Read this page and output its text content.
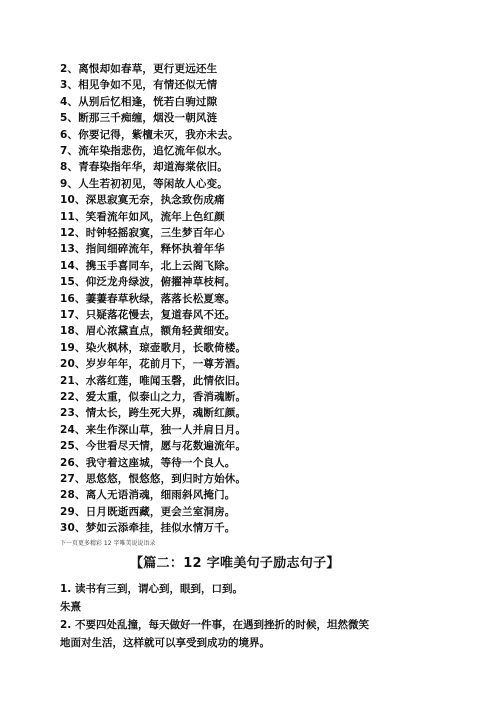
2、离恨却如春草，更行更远还生
3、相见争如不见，有情还似无情
4、从别后忆相逢，恍若白驹过隙
5、断那三千痴缠，烟没一朝风涟
6、你要记得，紫檀未灭，我亦未去。
7、流年染指悲伤，追忆流年似水。
8、青春染指年华，却道海棠依旧。
9、人生若初初见，等闲故人心变。
10、深思寂寞无奈，执念致伤成痛
11、笑看流年如风，流年上色红颜
12、时钟轻摇寂寞，三生梦百年心
13、指间细碎流年，释怀执着年华
14、携玉手喜同车，北上云阁飞除。
15、仰泛龙舟绿波，俯擢神草枝柯。
16、萋萋春草秋绿，落落长松夏寒。
17、只疑落花慢去，复道春风不还。
18、眉心浓黛直点，额角轻黄细安。
19、染火枫林，琼壶歌月，长歌倚楼。
20、岁岁年年，花前月下，一尊芳酒。
21、水落红莲，唯闻玉磬，此情依旧。
22、爱太重，似泰山之力，香消魂断。
23、情太长，跨生死大界，魂断红颜。
24、来生作深山草，独一人并肩日月。
25、今世看尽天情，愿与花数遍流年。
26、我守着这座城，等待一个良人。
27、思悠悠，恨悠悠，到归时方始休。
28、离人无语消魂，细雨斜风掩门。
29、日月既逝西藏，更会兰室洞房。
30、梦如云添牵挂，挂似水情万千。
下一页更多精彩 12 字唯美说说语录
【篇二：12 字唯美句子励志句子】
1. 读书有三到，谓心到，眼到，口到。
朱熹
2. 不要四处乱撞，每天做好一件事，在遇到挫折的时候，坦然微笑
地面对生活，这样就可以享受到成功的境界。
